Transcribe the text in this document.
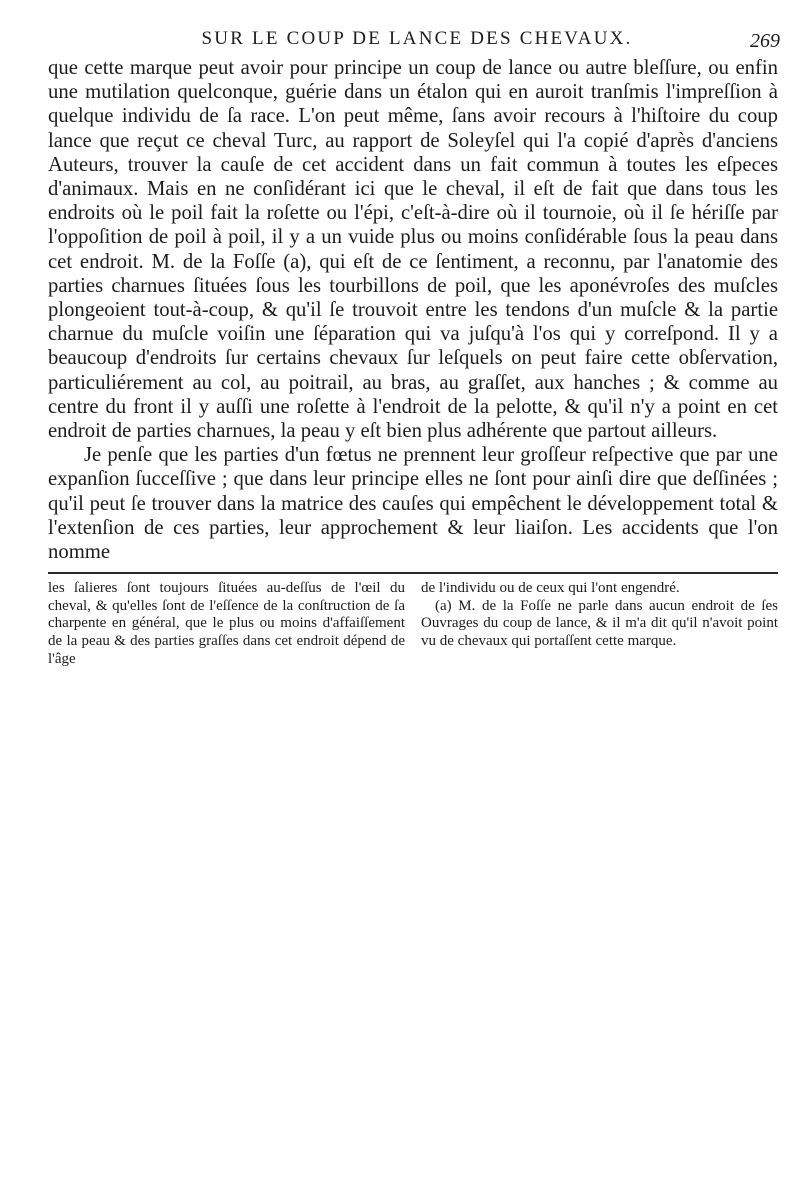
SUR LE COUP DE LANCE DES CHEVAUX.	269

que cette marque peut avoir pour principe un coup de lance ou autre bleſſure, ou enfin une mutilation quelconque, guérie dans un étalon qui en auroit tranſmis l'impreſſion à quelque individu de ſa race. L'on peut même, ſans avoir recours à l'hiſtoire du coup lance que reçut ce cheval Turc, au rapport de Soleyſel qui l'a copié d'après d'anciens Auteurs, trouver la cauſe de cet accident dans un fait commun à toutes les eſpeces d'animaux. Mais en ne conſidérant ici que le cheval, il eſt de fait que dans tous les endroits où le poil fait la roſette ou l'épi, c'eſt-à-dire où il tournoie, où il ſe hériſſe par l'oppoſition de poil à poil, il y a un vuide plus ou moins conſidérable ſous la peau dans cet endroit. M. de la Foſſe (a), qui eſt de ce ſentiment, a reconnu, par l'anatomie des parties charnues ſituées ſous les tourbillons de poil, que les aponévroſes des muſcles plongeoient tout-à-coup, & qu'il ſe trouvoit entre les tendons d'un muſcle & la partie charnue du muſcle voiſin une ſéparation qui va juſqu'à l'os qui y correſpond. Il y a beaucoup d'endroits ſur certains chevaux ſur leſquels on peut faire cette obſervation, particuliérement au col, au poitrail, au bras, au graſſet, aux hanches ; & comme au centre du front il y auſſi une roſette à l'endroit de la pelotte, & qu'il n'y a point en cet endroit de parties charnues, la peau y eſt bien plus adhérente que partout ailleurs.

Je penſe que les parties d'un fœtus ne prennent leur groſſeur reſpective que par une expanſion ſucceſſive ; que dans leur principe elles ne ſont pour ainſi dire que deſſinées ; qu'il peut ſe trouver dans la matrice des cauſes qui empêchent le développement total & l'extenſion de ces parties, leur approchement & leur liaiſon. Les accidents que l'on nomme

les ſalieres ſont toujours ſituées au-deſſus de l'œil du cheval, & qu'elles ſont de l'eſſence de la conſtruction de ſa charpente en général, que le plus ou moins d'affaiſſement de la peau & des parties graſſes dans cet endroit dépend de l'âge

de l'individu ou de ceux qui l'ont engendré.

(a) M. de la Foſſe ne parle dans aucun endroit de ſes Ouvrages du coup de lance, & il m'a dit qu'il n'avoit point vu de chevaux qui portaſſent cette marque.
